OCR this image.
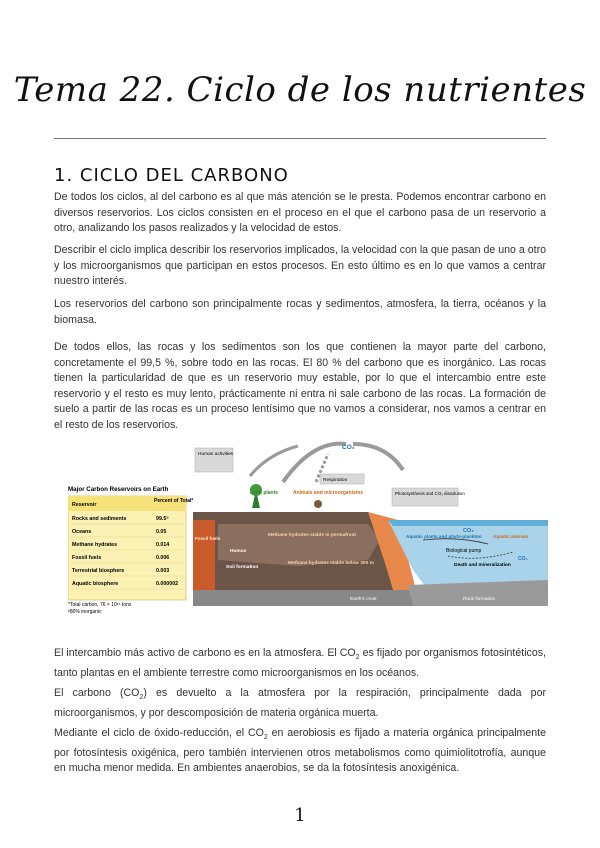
Tema 22. Ciclo de los nutrientes
1. CICLO DEL CARBONO

De todos los ciclos, al del carbono es al que más atención se le presta. Podemos encontrar carbono en diversos reservorios. Los ciclos consisten en el proceso en el que el carbono pasa de un reservorio a otro, analizando los pasos realizados y la velocidad de estos.

Describir el ciclo implica describir los reservorios implicados, la velocidad con la que pasan de uno a otro y los microorganismos que participan en estos procesos. En esto último es en lo que vamos a centrar nuestro interés.

Los reservorios del carbono son principalmente rocas y sedimentos, atmosfera, la tierra, océanos y la biomasa.

De todos ellos, las rocas y los sedimentos son los que contienen la mayor parte del carbono, concretamente el 99,5 %, sobre todo en las rocas. El 80 % del carbono que es inorgánico. Las rocas tienen la particularidad de que es un reservorio muy estable, por lo que el intercambio entre este reservorio y el resto es muy lento, prácticamente ni entra ni sale carbono de las rocas. La formación de suelo a partir de las rocas es un proceso lentísimo que no vamos a considerar, nos vamos a centrar en el resto de los reservorios.

Major Carbon Reservoirs on Earth
Reservoir
Percent of Total*
Rocks and sediments	99.5⁵
Oceans	0.05
Methane hydrates	0.014
Fossil fuels	0.006
Terrestrial biosphere	0.003
Aquatic biosphere	0.000002
*Total carbon, 76 × 10¹⁵ tons
ᵇ80% inorganic
CO₂
Human activities
Respiration
Land plants	Animals and microorganisms	Photosynthesis and CO₂ dissolution
CO₂
Aquatic plants and phyto-plankton Aquatic animals
Biological pump
Death and mineralization
CO₂
Methane hydrates stable in permafrost
Fossil fuels
Humus
Soil formation
Methane hydrates stable below 300 m
Earth's crust	Rock formation

El intercambio más activo de carbono es en la atmosfera. El $CO_2$ es fijado por organismos fotosintéticos, tanto plantas en el ambiente terrestre como microorganismos en los océanos.

El carbono $(CO_2)$ es devuelto a la atmosfera por la respiración, principalmente dada por microorganismos, y por descomposición de materia orgánica muerta.

Mediante el ciclo de óxido-reducción, el $CO_2$ en aerobiosis es fijado a materia orgánica principalmente por fotosíntesis oxigénica, pero también intervienen otros metabolismos como quimiolitotrofía, aunque en mucha menor medida. En ambientes anaerobios, se da la fotosíntesis anoxigénica.

1
